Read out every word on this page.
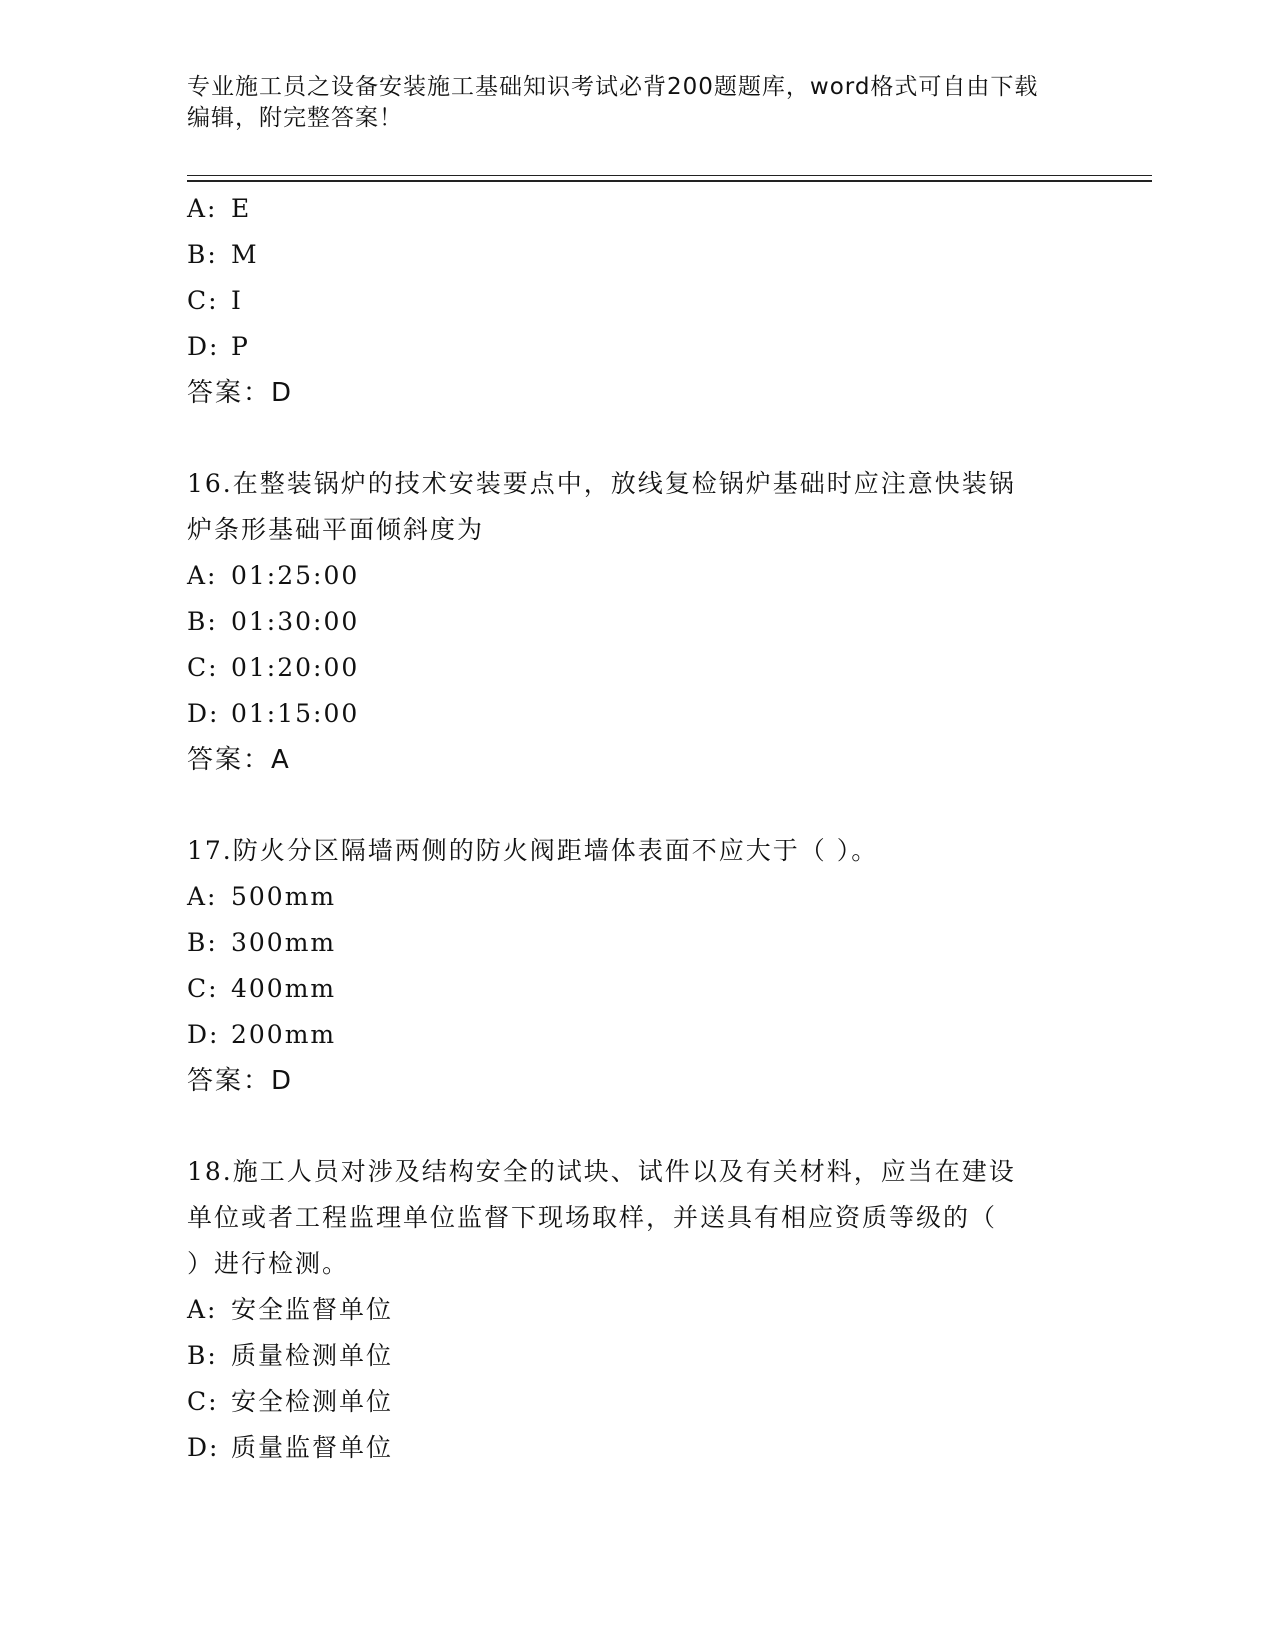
专业施工员之设备安装施工基础知识考试必背200题题库，word格式可自由下载
编辑，附完整答案！
A: E
B: M
C: I
D: P
答案：D
16.在整装锅炉的技术安装要点中，放线复检锅炉基础时应注意快装锅
炉条形基础平面倾斜度为
A: 01:25:00
B: 01:30:00
C: 01:20:00
D: 01:15:00
答案：A
17.防火分区隔墙两侧的防火阀距墙体表面不应大于（ ）。
A: 500mm
B: 300mm
C: 400mm
D: 200mm
答案：D
18.施工人员对涉及结构安全的试块、试件以及有关材料，应当在建设
单位或者工程监理单位监督下现场取样，并送具有相应资质等级的（
）进行检测。
A: 安全监督单位
B: 质量检测单位
C: 安全检测单位
D: 质量监督单位
